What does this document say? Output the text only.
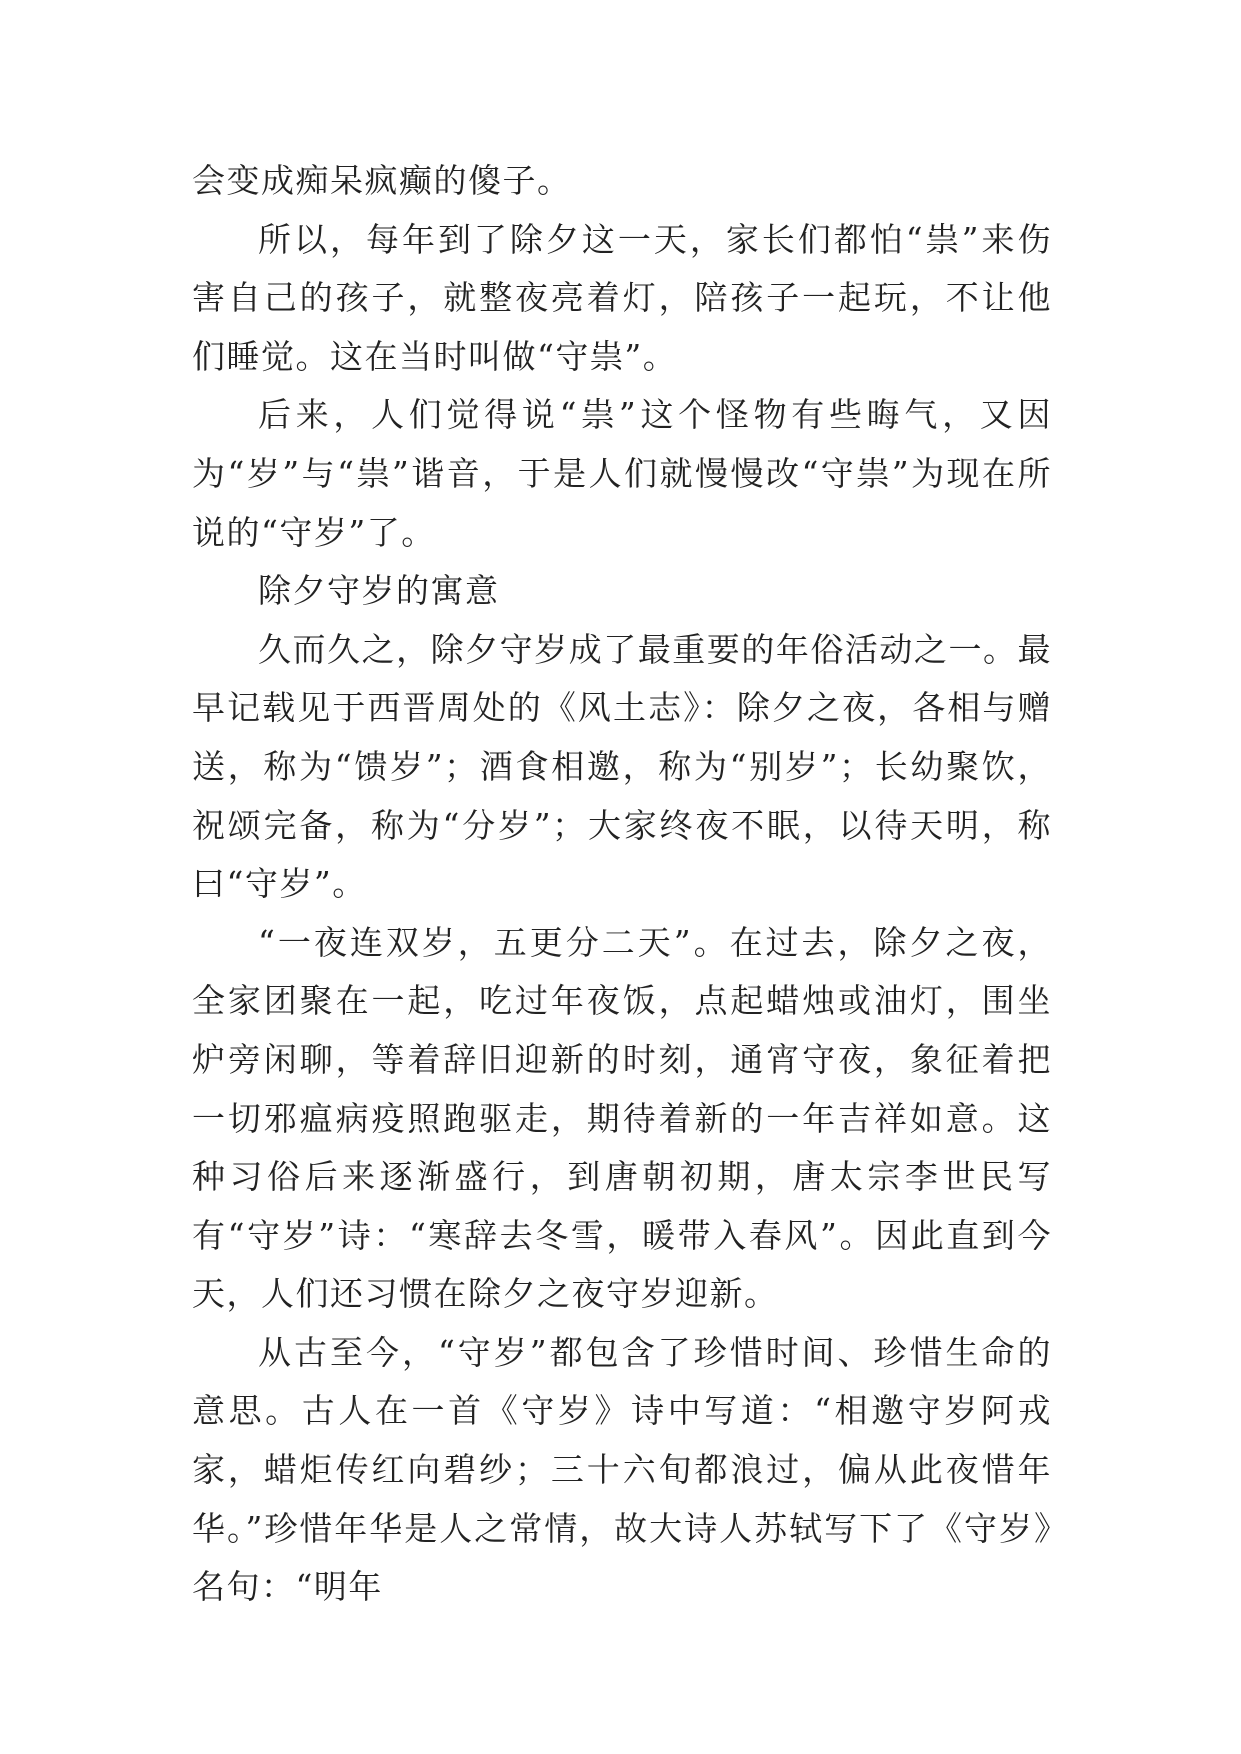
会变成痴呆疯癫的傻子。

所以，每年到了除夕这一天，家长们都怕“祟”来伤害自己的孩子，就整夜亮着灯，陪孩子一起玩，不让他们睡觉。这在当时叫做“守祟”。

后来，人们觉得说“祟”这个怪物有些晦气，又因为“岁”与“祟”谐音，于是人们就慢慢改“守祟”为现在所说的“守岁”了。

除夕守岁的寓意

久而久之，除夕守岁成了最重要的年俗活动之一。最早记载见于西晋周处的《风土志》：除夕之夜，各相与赠送，称为“馈岁”；酒食相邀，称为“别岁”；长幼聚饮，祝颂完备，称为“分岁”；大家终夜不眠，以待天明，称曰“守岁”。

“一夜连双岁，五更分二天”。在过去，除夕之夜，全家团聚在一起，吃过年夜饭，点起蜡烛或油灯，围坐炉旁闲聊，等着辞旧迎新的时刻，通宵守夜，象征着把一切邪瘟病疫照跑驱走，期待着新的一年吉祥如意。这种习俗后来逐渐盛行，到唐朝初期，唐太宗李世民写有“守岁”诗：“寒辞去冬雪，暖带入春风”。因此直到今天，人们还习惯在除夕之夜守岁迎新。

从古至今，“守岁”都包含了珍惜时间、珍惜生命的意思。古人在一首《守岁》诗中写道：“相邀守岁阿戎家，蜡炬传红向碧纱；三十六旬都浪过，偏从此夜惜年华。”珍惜年华是人之常情，故大诗人苏轼写下了《守岁》名句：“明年
